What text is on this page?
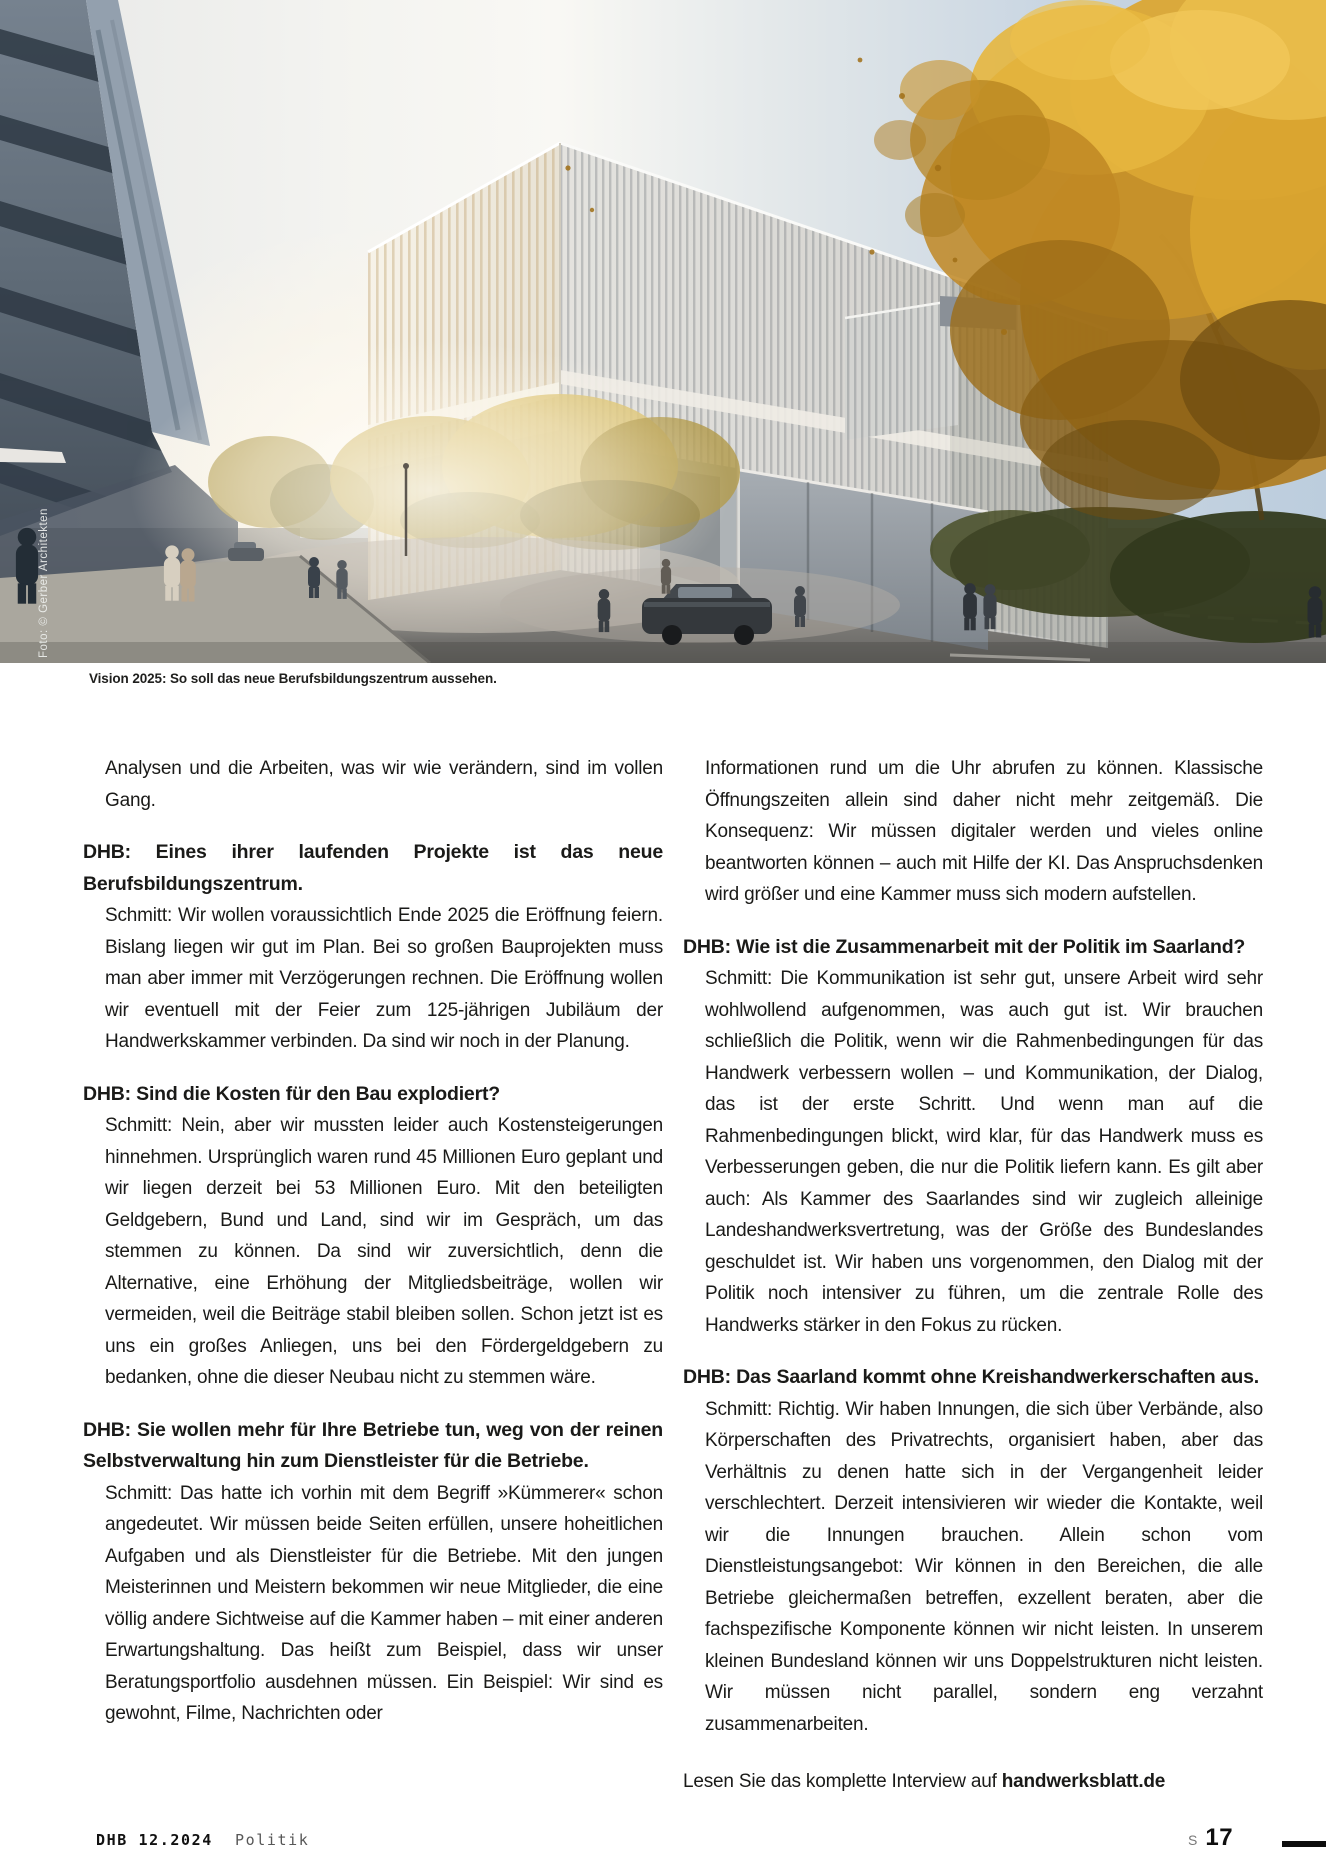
Foto: © Gerber Architekten
Vision 2025: So soll das neue Berufsbildungszentrum aussehen.

Analysen und die Arbeiten, was wir wie verändern, sind im vollen Gang.

DHB: Eines ihrer laufenden Projekte ist das neue Berufsbildungszentrum.

Schmitt: Wir wollen voraussichtlich Ende 2025 die Eröffnung feiern. Bislang liegen wir gut im Plan. Bei so großen Bauprojekten muss man aber immer mit Verzögerungen rechnen. Die Eröffnung wollen wir eventuell mit der Feier zum 125-jährigen Jubiläum der Handwerkskammer verbinden. Da sind wir noch in der Planung.

DHB: Sind die Kosten für den Bau explodiert?

Schmitt: Nein, aber wir mussten leider auch Kostensteigerungen hinnehmen. Ursprünglich waren rund 45 Millionen Euro geplant und wir liegen derzeit bei 53 Millionen Euro. Mit den beteiligten Geldgebern, Bund und Land, sind wir im Gespräch, um das stemmen zu können. Da sind wir zuversichtlich, denn die Alternative, eine Erhöhung der Mitgliedsbeiträge, wollen wir vermeiden, weil die Beiträge stabil bleiben sollen. Schon jetzt ist es uns ein großes Anliegen, uns bei den Fördergeldgebern zu bedanken, ohne die dieser Neubau nicht zu stemmen wäre.

DHB: Sie wollen mehr für Ihre Betriebe tun, weg von der reinen Selbstverwaltung hin zum Dienstleister für die Betriebe.

Schmitt: Das hatte ich vorhin mit dem Begriff »Kümmerer« schon angedeutet. Wir müssen beide Seiten erfüllen, unsere hoheitlichen Aufgaben und als Dienstleister für die Betriebe. Mit den jungen Meisterinnen und Meistern bekommen wir neue Mitglieder, die eine völlig andere Sichtweise auf die Kammer haben – mit einer anderen Erwartungshaltung. Das heißt zum Beispiel, dass wir unser Beratungsportfolio ausdehnen müssen. Ein Beispiel: Wir sind es gewohnt, Filme, Nachrichten oder

Informationen rund um die Uhr abrufen zu können. Klassische Öffnungszeiten allein sind daher nicht mehr zeitgemäß. Die Konsequenz: Wir müssen digitaler werden und vieles online beantworten können – auch mit Hilfe der KI. Das Anspruchsdenken wird größer und eine Kammer muss sich modern aufstellen.

DHB: Wie ist die Zusammenarbeit mit der Politik im Saarland?

Schmitt: Die Kommunikation ist sehr gut, unsere Arbeit wird sehr wohlwollend aufgenommen, was auch gut ist. Wir brauchen schließlich die Politik, wenn wir die Rahmenbedingungen für das Handwerk verbessern wollen – und Kommunikation, der Dialog, das ist der erste Schritt. Und wenn man auf die Rahmenbedingungen blickt, wird klar, für das Handwerk muss es Verbesserungen geben, die nur die Politik liefern kann. Es gilt aber auch: Als Kammer des Saarlandes sind wir zugleich alleinige Landeshandwerksvertretung, was der Größe des Bundeslandes geschuldet ist. Wir haben uns vorgenommen, den Dialog mit der Politik noch intensiver zu führen, um die zentrale Rolle des Handwerks stärker in den Fokus zu rücken.

DHB: Das Saarland kommt ohne Kreishandwerkerschaften aus.

Schmitt: Richtig. Wir haben Innungen, die sich über Verbände, also Körperschaften des Privatrechts, organisiert haben, aber das Verhältnis zu denen hatte sich in der Vergangenheit leider verschlechtert. Derzeit intensivieren wir wieder die Kontakte, weil wir die Innungen brauchen. Allein schon vom Dienstleistungsangebot: Wir können in den Bereichen, die alle Betriebe gleichermaßen betreffen, exzellent beraten, aber die fachspezifische Komponente können wir nicht leisten. In unserem kleinen Bundesland können wir uns Doppelstrukturen nicht leisten. Wir müssen nicht parallel, sondern eng verzahnt zusammenarbeiten.

Lesen Sie das komplette Interview auf handwerksblatt.de

DHB 12.2024 Politik	S 17
